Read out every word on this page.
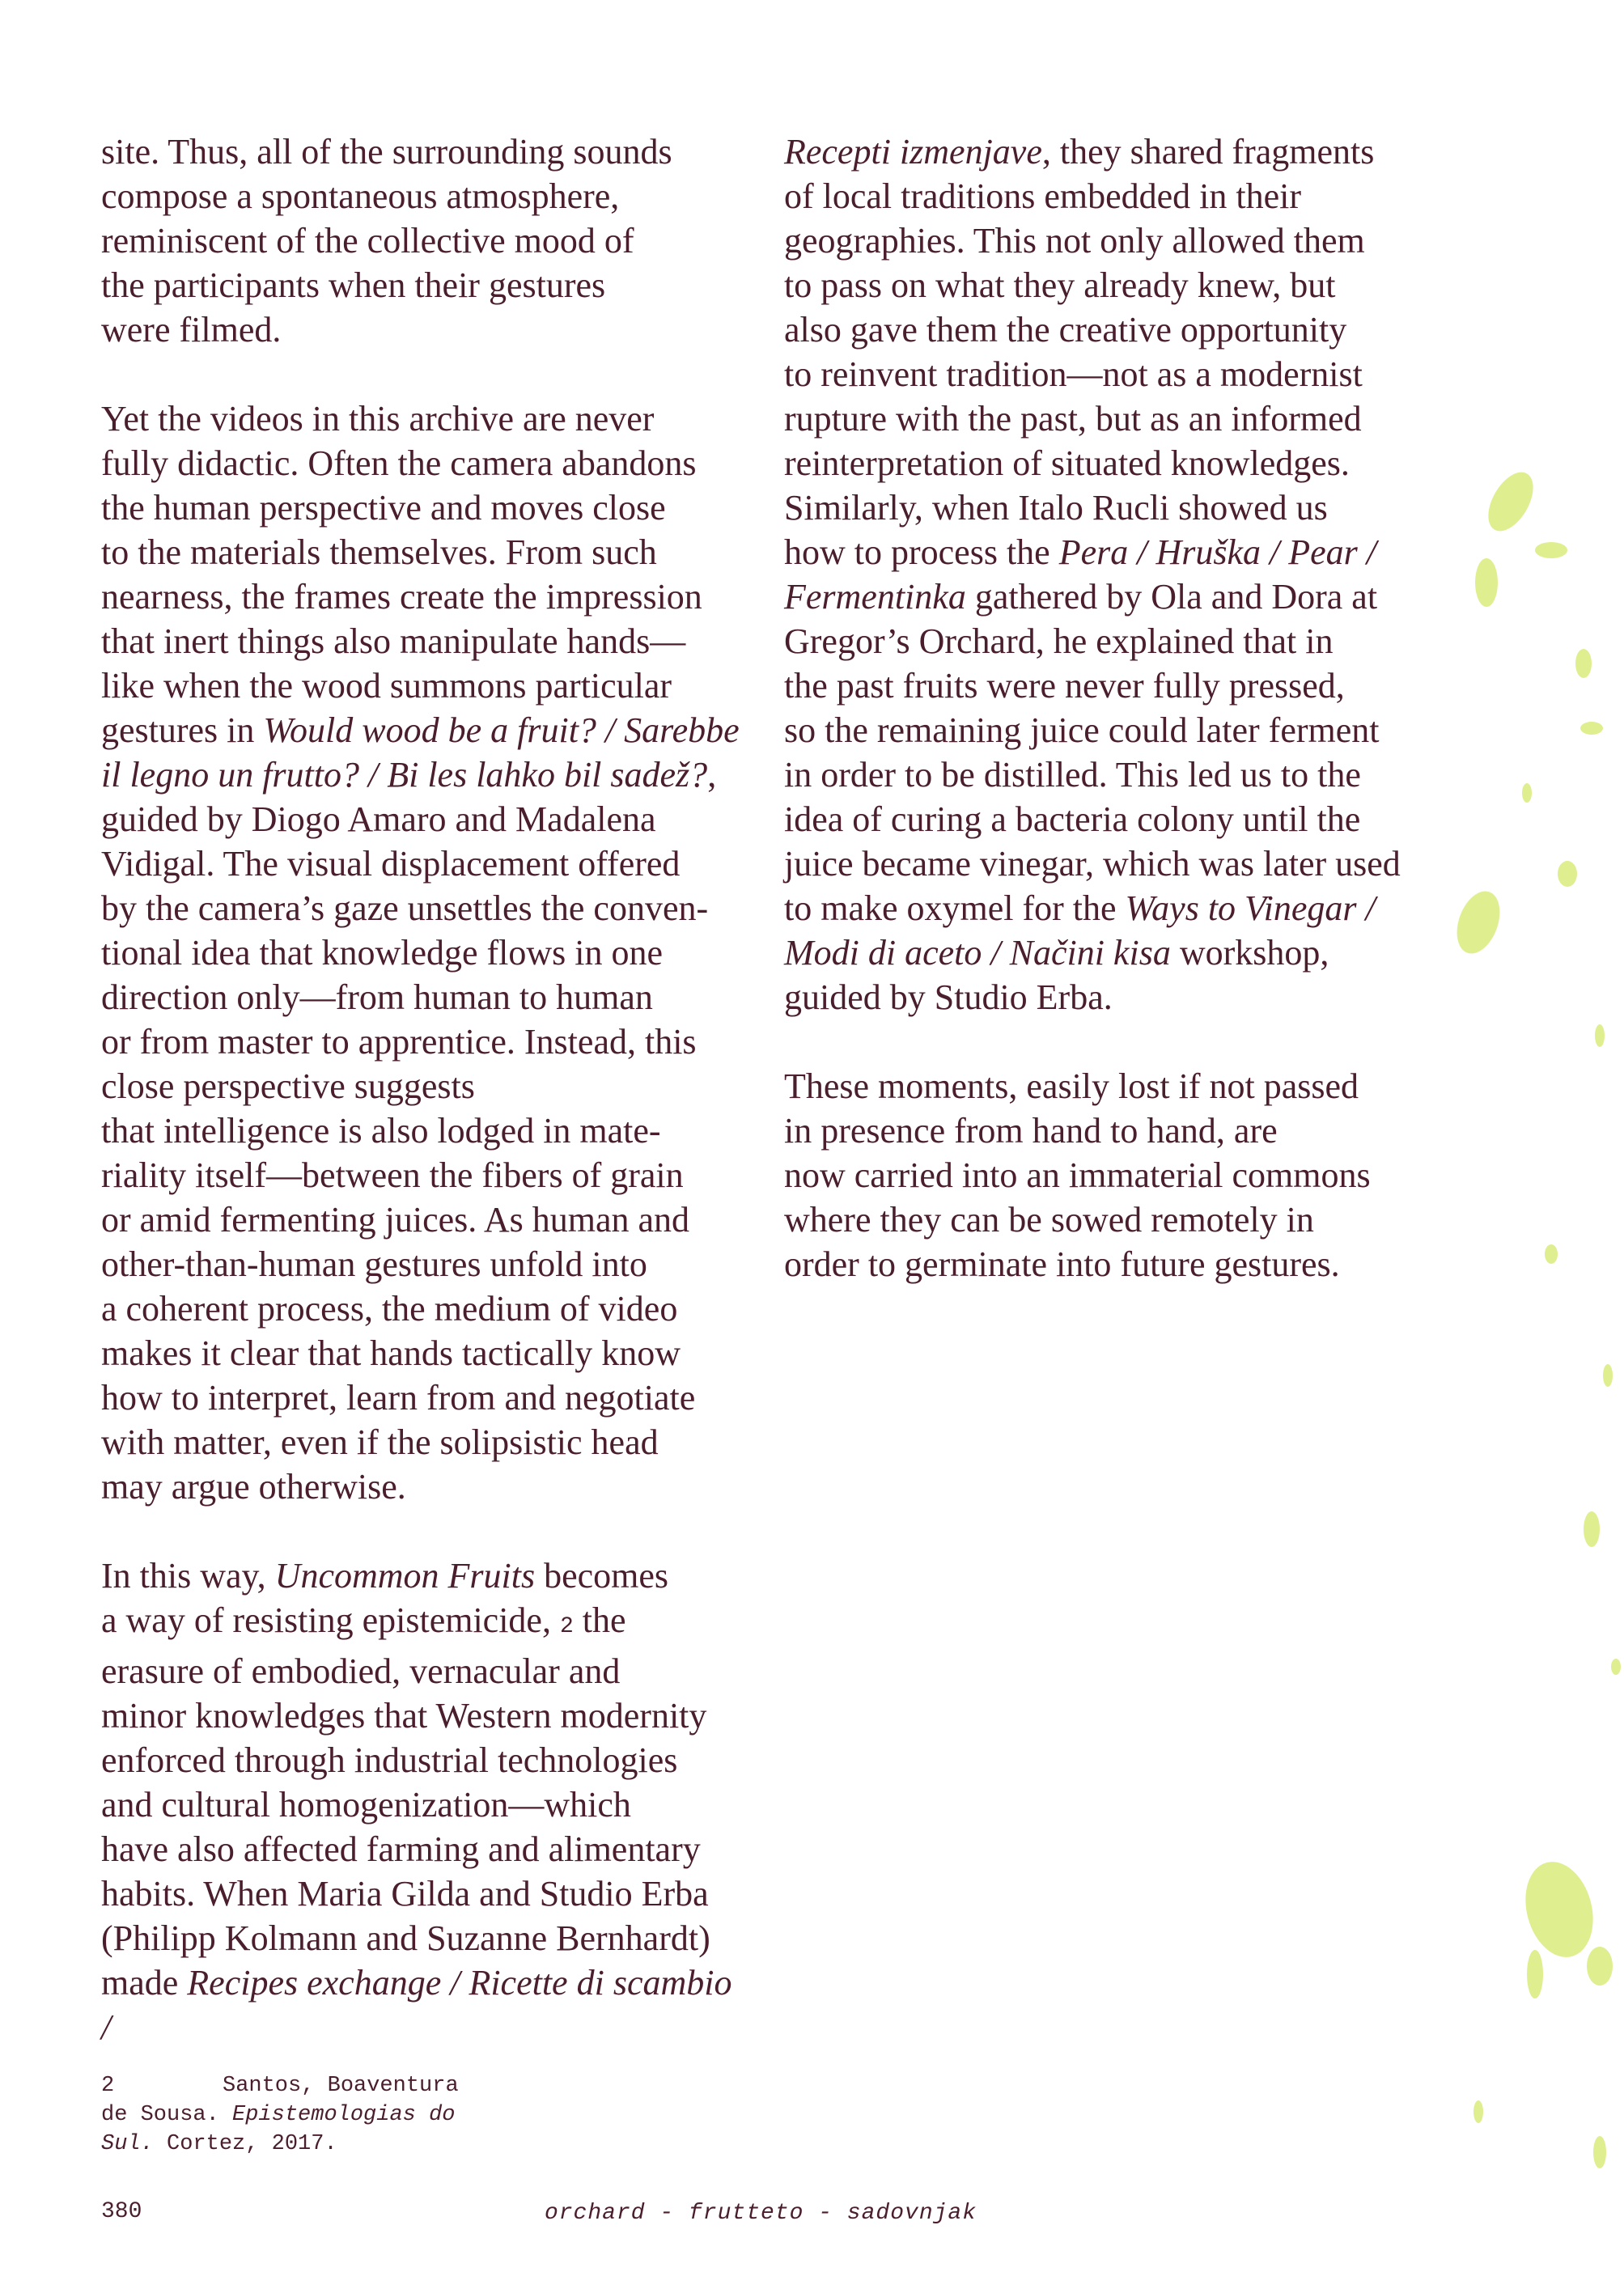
site. Thus, all of the surrounding sounds
compose a spontaneous atmosphere,
reminiscent of the collective mood of
the participants when their gestures
were filmed.

Yet the videos in this archive are never
fully didactic. Often the camera abandons
the human perspective and moves close
to the materials themselves. From such
nearness, the frames create the impression
that inert things also manipulate hands—
like when the wood summons particular
gestures in Would wood be a fruit? / Sarebbe
il legno un frutto? / Bi les lahko bil sadež?,
guided by Diogo Amaro and Madalena
Vidigal. The visual displacement offered
by the camera’s gaze unsettles the conven-
tional idea that knowledge flows in one
direction only—from human to human
or from master to apprentice. Instead, this
close perspective suggests
that intelligence is also lodged in mate-
riality itself—between the fibers of grain
or amid fermenting juices. As human and
other-than-human gestures unfold into
a coherent process, the medium of video
makes it clear that hands tactically know
how to interpret, learn from and negotiate
with matter, even if the solipsistic head
may argue otherwise.

In this way, Uncommon Fruits becomes
a way of resisting epistemicide, 2 the
erasure of embodied, vernacular and
minor knowledges that Western modernity
enforced through industrial technologies
and cultural homogenization—which
have also affected farming and alimentary
habits. When Maria Gilda and Studio Erba
(Philipp Kolmann and Suzanne Bernhardt)
made Recipes exchange / Ricette di scambio /

Recepti izmenjave, they shared fragments
of local traditions embedded in their
geographies. This not only allowed them
to pass on what they already knew, but
also gave them the creative opportunity
to reinvent tradition—not as a modernist
rupture with the past, but as an informed
reinterpretation of situated knowledges.
Similarly, when Italo Rucli showed us
how to process the Pera / Hruška / Pear /
Fermentinka gathered by Ola and Dora at
Gregor’s Orchard, he explained that in
the past fruits were never fully pressed,
so the remaining juice could later ferment
in order to be distilled. This led us to the
idea of curing a bacteria colony until the
juice became vinegar, which was later used
to make oxymel for the Ways to Vinegar /
Modi di aceto / Načini kisa workshop,
guided by Studio Erba.

These moments, easily lost if not passed
in presence from hand to hand, are
now carried into an immaterial commons
where they can be sowed remotely in
order to germinate into future gestures.

2	Santos, Boaventura
de Sousa. Epistemologias do
Sul. Cortez, 2017.
380	orchard - frutteto - sadovnjak
